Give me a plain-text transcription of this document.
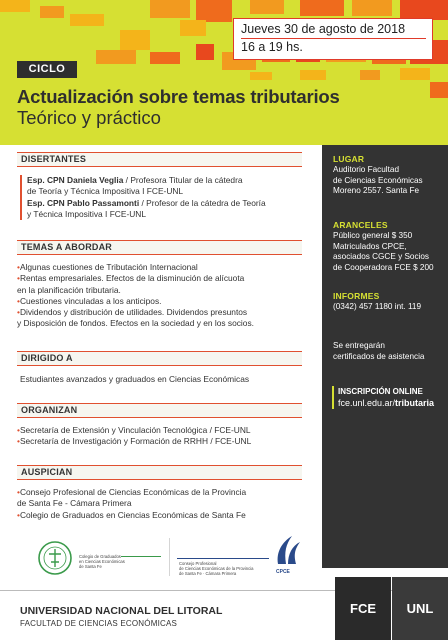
Jueves 30 de agosto de 2018
16 a 19 hs.
CICLO
Actualización sobre temas tributarios
Teórico y práctico
DISERTANTES
Esp. CPN Daniela Veglia / Profesora Titular de la cátedra
de Teoría y Técnica Impositiva I FCE-UNL
Esp. CPN Pablo Passamonti / Profesor de la cátedra de Teoría
y Técnica Impositiva I FCE-UNL
TEMAS A ABORDAR
• Algunas cuestiones de Tributación Internacional
• Rentas empresariales. Efectos de la disminución de alícuota
en la planificación tributaria.
• Cuestiones vinculadas a los anticipos.
• Dividendos y distribución de utilidades. Dividendos presuntos
y Disposición de fondos. Efectos en la sociedad y en los socios.
DIRIGIDO A
Estudiantes avanzados y graduados en Ciencias Económicas
ORGANIZAN
• Secretaría de Extensión y Vinculación Tecnológica / FCE-UNL
• Secretaría de Investigación y Formación de RRHH / FCE-UNL
AUSPICIAN
• Consejo Profesional de Ciencias Económicas de la Provincia
de Santa Fe - Cámara Primera
• Colegio de Graduados en Ciencias Económicas de Santa Fe
LUGAR
Auditorio Facultad
de Ciencias Económicas
Moreno 2557. Santa Fe
ARANCELES
Público general $ 350
Matriculados CPCE,
asociados CGCE y Socios
de Cooperadora FCE $ 200
INFORMES
(0342) 457 1180 int. 119
Se entregarán
certificados de asistencia
INSCRIPCIÓN ONLINE
fce.unl.edu.ar/tributaria
Colegio de Graduados
en Ciencias Económicas
de Santa Fe
Consejo Profesional
de Ciencias Económicas de la Provincia
de Santa Fe · Cámara Primera	CPCE
UNIVERSIDAD NACIONAL DEL LITORAL
FACULTAD DE CIENCIAS ECONÓMICAS
FCE	UNL
